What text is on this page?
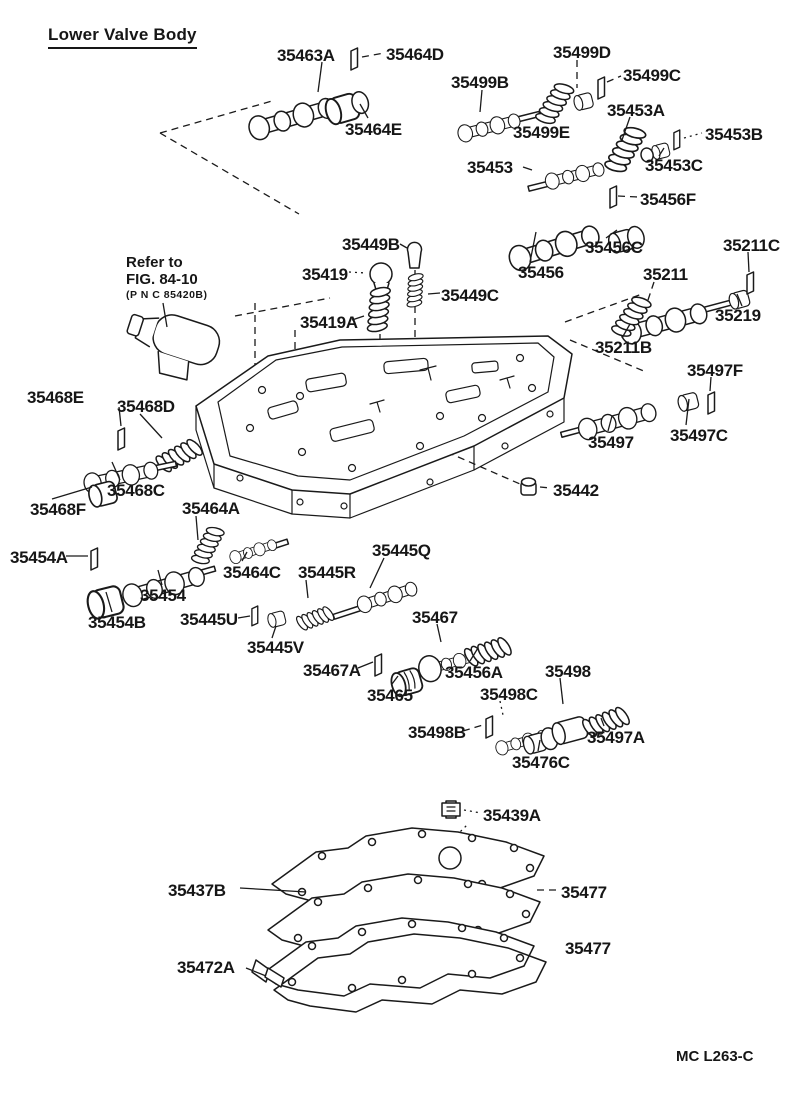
Lower Valve Body
Refer to
FIG. 84-10
(P N C 85420B)
35463A	35464D	35499D
35499B	35499C
35453A
35464E	35499E	35453B
35453C
35453
35456F
35449B	35456C	35211C
35419	35456	35211
35449C
35219
35419A
35211B
35497F
35468E 35468D
35497 35497C
35442
35468C
35464A
35468F
35454A	35445Q
35464C 35445R
35454
35467
35445U
35454B
35445V
35467A	35498
35456A
35465	35498C
35498B	35497A
35476C
35439A
35437B	35477
35477
35472A
MC L263-C
